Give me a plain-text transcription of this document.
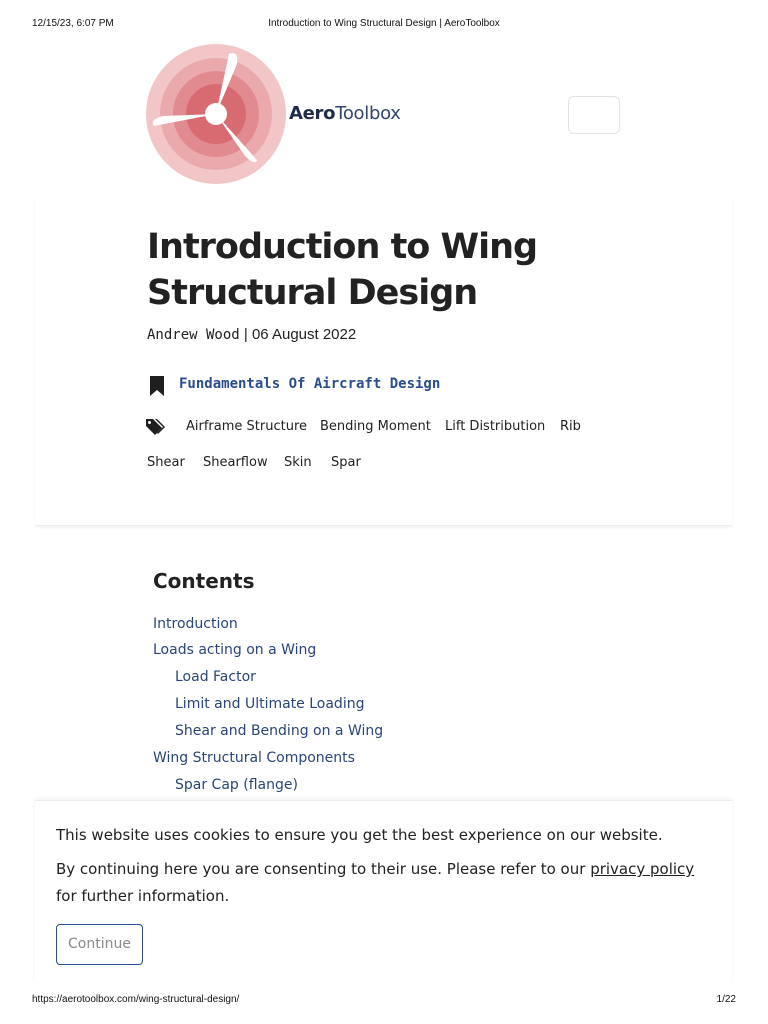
12/15/23, 6:07 PM	Introduction to Wing Structural Design | AeroToolbox
AeroToolbox
Introduction to Wing Structural Design
Andrew Wood | 06 August 2022
Fundamentals Of Aircraft Design
Airframe Structure Bending Moment Lift Distribution Rib
Shear Shearflow Skin Spar
Contents
Introduction
Loads acting on a Wing
Load Factor
Limit and Ultimate Loading
Shear and Bending on a Wing
Wing Structural Components
Spar Cap (flange)

This website uses cookies to ensure you get the best experience on our website.

By continuing here you are consenting to their use. Please refer to our privacy policy for further information.

Continue
https://aerotoolbox.com/wing-structural-design/	1/22
